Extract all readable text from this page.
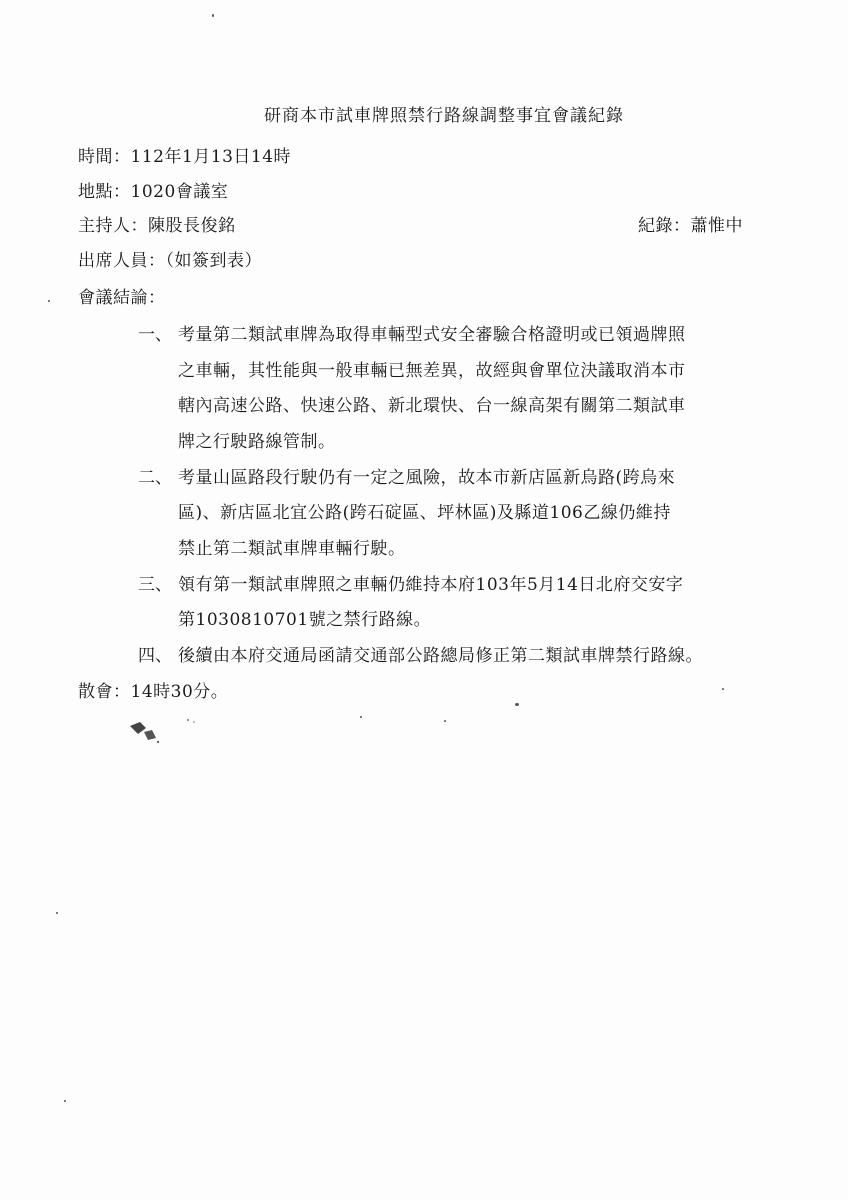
研商本市試車牌照禁行路線調整事宜會議紀錄
時間：112年1月13日14時
地點：1020會議室
主持人：陳股長俊銘	紀錄：蕭惟中
出席人員：（如簽到表）
會議結論：
一、 考量第二類試車牌為取得車輛型式安全審驗合格證明或已領過牌照
之車輛，其性能與一般車輛已無差異，故經與會單位決議取消本市
轄內高速公路、快速公路、新北環快、台一線高架有關第二類試車
牌之行駛路線管制。
二、 考量山區路段行駛仍有一定之風險，故本市新店區新烏路(跨烏來
區)、新店區北宜公路(跨石碇區、坪林區)及縣道106乙線仍維持
禁止第二類試車牌車輛行駛。
三、 領有第一類試車牌照之車輛仍維持本府103年5月14日北府交安字
第1030810701號之禁行路線。
四、 後續由本府交通局函請交通部公路總局修正第二類試車牌禁行路線。
散會：14時30分。
